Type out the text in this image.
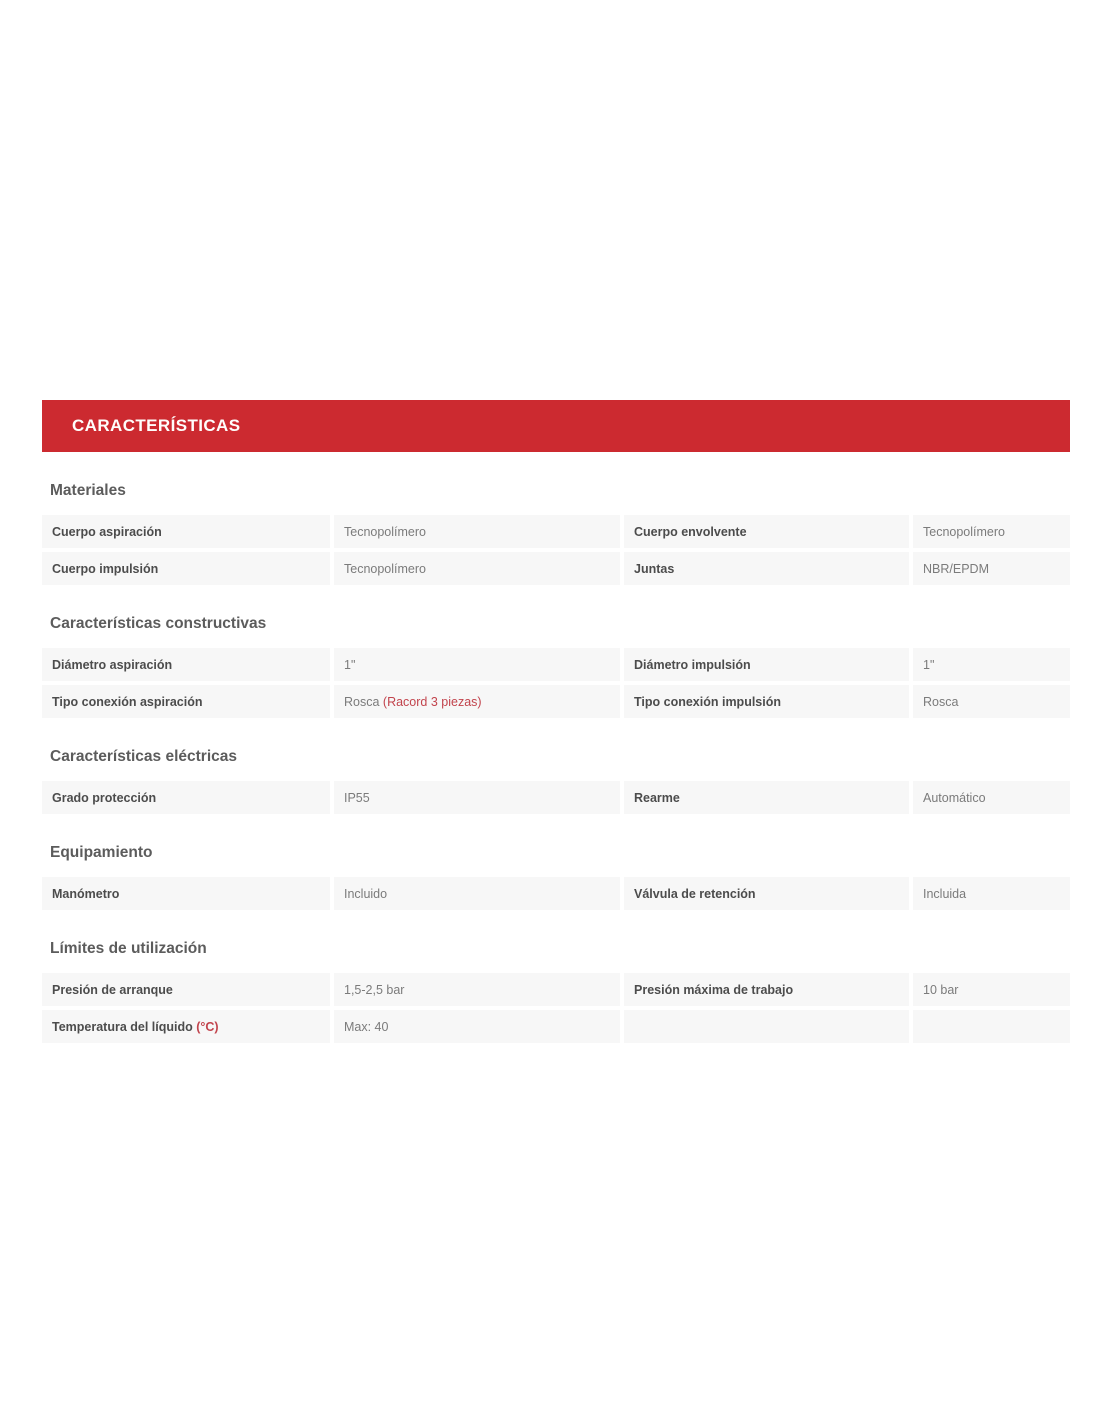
CARACTERÍSTICAS
Materiales
Cuerpo aspiración	Tecnopolímero	Cuerpo envolvente	Tecnopolímero
Cuerpo impulsión	Tecnopolímero	Juntas	NBR/EPDM
Características constructivas
Diámetro aspiración	1"	Diámetro impulsión	1"
Tipo conexión aspiración	Rosca (Racord 3 piezas)	Tipo conexión impulsión	Rosca
Características eléctricas
Grado protección	IP55	Rearme	Automático
Equipamiento
Manómetro	Incluido	Válvula de retención	Incluida
Límites de utilización
Presión de arranque	1,5-2,5 bar	Presión máxima de trabajo	10 bar
Temperatura del líquido (°C)	Max: 40
